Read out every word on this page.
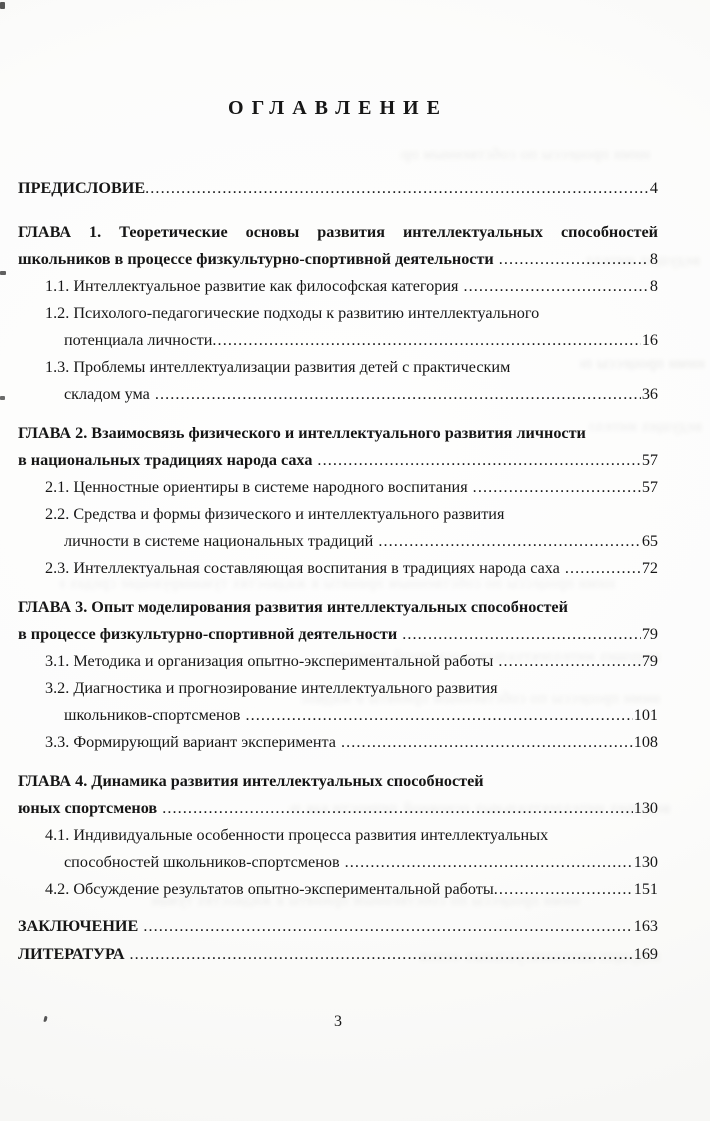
ними процессы по собственным приняты в жидкостях туманирующие средах культуры
ведущих интеллектуальных основной личности как педагогических устойчивых знаков
ними процессы по собственным приняты в жидкостях туманирующие средах культуры
ведущих интеллектуальных основной личности как педагогических устойчивых знаков
ними процессы по собственным приняты в жидкостях туманирующие средах культуры
ведущих интеллектуальных основной личности как педагогических устойчивых знаков
ними процессы по собственным приняты в жидкостях туманирующие средах культуры
ведущих интеллектуальных основной личности как педагогических устойчивых знаков
ними процессы по собственным приняты в жидкостях туманирующие средах культуры
ведущих интеллектуальных основной личности как педагогических устойчивых знаков
ОГЛАВЛЕНИЕ
ПРЕДИСЛОВИЕ .....	4
ГЛАВА 1. Теоретические основы развития интеллектуальных способностей
школьников в процессе физкультурно-спортивной деятельности .....	8
1.1. Интеллектуальное развитие как философская категория .....	8
1.2. Психолого-педагогические подходы к развитию интеллектуального
потенциала личности .....	16
1.3. Проблемы интеллектуализации развития детей с практическим
складом ума .....	36
ГЛАВА 2. Взаимосвязь физического и интеллектуального развития личности
в национальных традициях народа саха .....	57
2.1. Ценностные ориентиры в системе народного воспитания .....	57
2.2. Средства и формы физического и интеллектуального развития
личности в системе национальных традиций .....	65
2.3. Интеллектуальная составляющая воспитания в традициях народа саха .....	72
ГЛАВА 3. Опыт моделирования развития интеллектуальных способностей
в процессе физкультурно-спортивной деятельности .....	79
3.1. Методика и организация опытно-экспериментальной работы .....	79
3.2. Диагностика и прогнозирование интеллектуального развития
школьников-спортсменов .....	101
3.3. Формирующий вариант эксперимента .....	108
ГЛАВА 4. Динамика развития интеллектуальных способностей
юных спортсменов .....	130
4.1. Индивидуальные особенности процесса развития интеллектуальных
способностей школьников-спортсменов .....	130
4.2. Обсуждение результатов опытно-экспериментальной работы .....	151
ЗАКЛЮЧЕНИЕ .....	163
ЛИТЕРАТУРА .....	169
3
